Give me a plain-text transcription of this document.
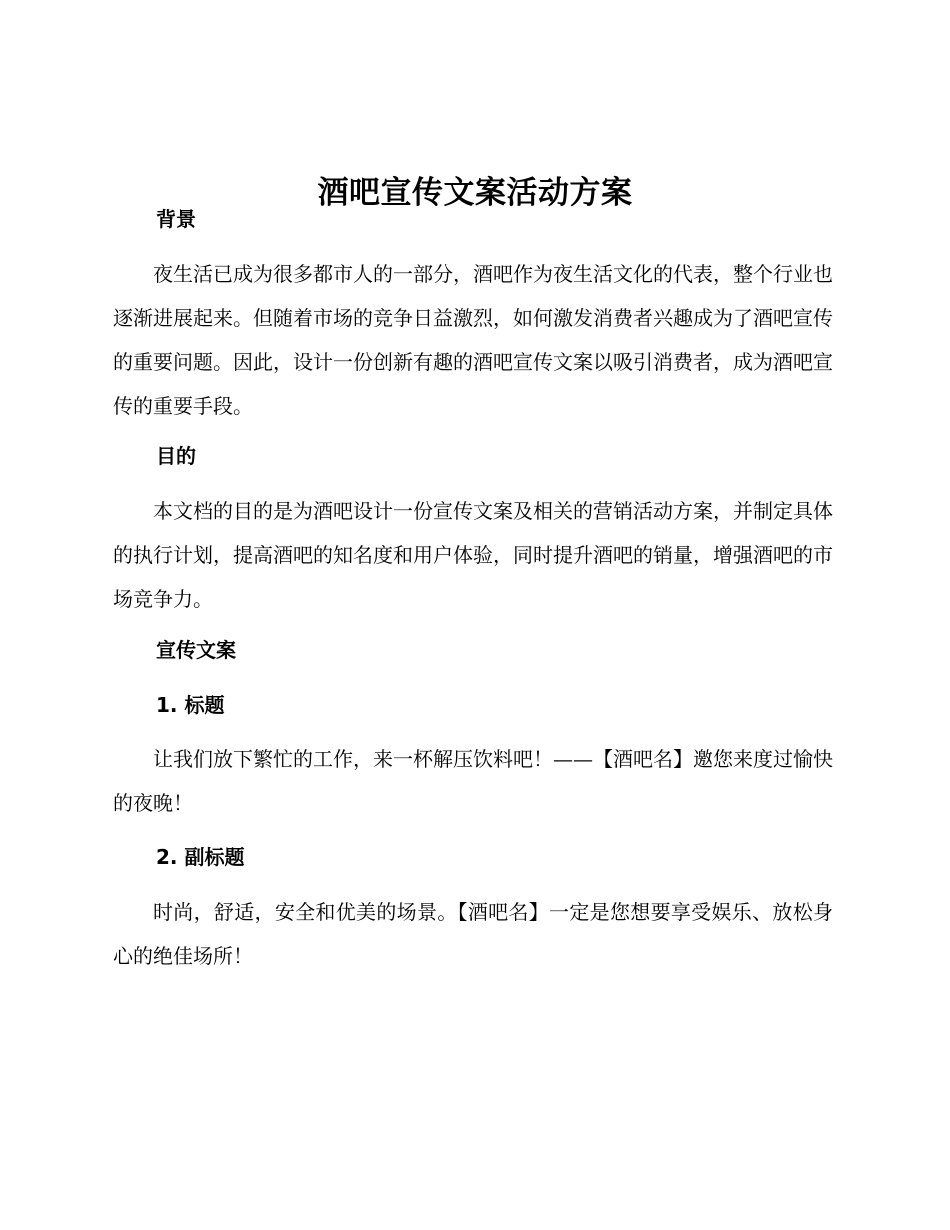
酒吧宣传文案活动方案
背景

夜生活已成为很多都市人的一部分，酒吧作为夜生活文化的代表，整个行业也逐渐进展起来。但随着市场的竞争日益激烈，如何激发消费者兴趣成为了酒吧宣传的重要问题。因此，设计一份创新有趣的酒吧宣传文案以吸引消费者，成为酒吧宣传的重要手段。

目的

本文档的目的是为酒吧设计一份宣传文案及相关的营销活动方案，并制定具体的执行计划，提高酒吧的知名度和用户体验，同时提升酒吧的销量，增强酒吧的市场竞争力。

宣传文案
1. 标题

让我们放下繁忙的工作，来一杯解压饮料吧！——【酒吧名】邀您来度过愉快的夜晚！

2. 副标题

时尚，舒适，安全和优美的场景。【酒吧名】一定是您想要享受娱乐、放松身心的绝佳场所！
